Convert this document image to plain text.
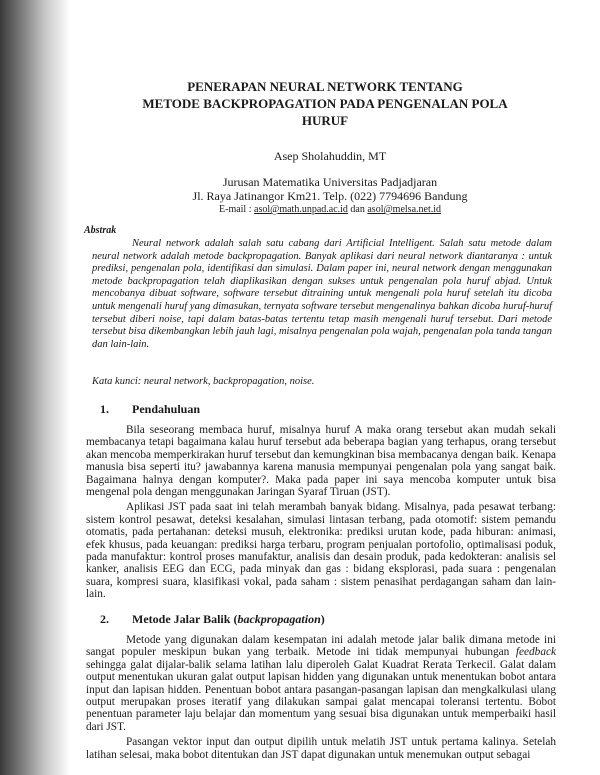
PENERAPAN NEURAL NETWORK TENTANG
METODE BACKPROPAGATION PADA PENGENALAN POLA
HURUF
Asep Sholahuddin, MT
Jurusan Matematika Universitas Padjadjaran
Jl. Raya Jatinangor Km21. Telp. (022) 7794696 Bandung
E-mail : asol@math.unpad.ac.id dan asol@melsa.net.id
Abstrak

Neural network adalah salah satu cabang dari Artificial Intelligent. Salah satu metode dalam neural network adalah metode backpropagation. Banyak aplikasi dari neural network diantaranya : untuk prediksi, pengenalan pola, identifikasi dan simulasi. Dalam paper ini, neural network dengan menggunakan metode backpropagation telah diaplikasikan dengan sukses untuk pengenalan pola huruf abjad. Untuk mencobanya dibuat software, software tersebut ditraining untuk mengenali pola huruf setelah itu dicoba untuk mengenali huruf yang dimasukan, ternyata software tersebut mengenalinya bahkan dicoba huruf-huruf tersebut diberi noise, tapi dalam batas-batas tertentu tetap masih mengenali huruf tersebut. Dari metode tersebut bisa dikembangkan lebih jauh lagi, misalnya pengenalan pola wajah, pengenalan pola tanda tangan dan lain-lain.

Kata kunci: neural network, backpropagation, noise.
1. Pendahuluan

Bila seseorang membaca huruf, misalnya huruf A maka orang tersebut akan mudah sekali membacanya tetapi bagaimana kalau huruf tersebut ada beberapa bagian yang terhapus, orang tersebut akan mencoba memperkirakan huruf tersebut dan kemungkinan bisa membacanya dengan baik. Kenapa manusia bisa seperti itu? jawabannya karena manusia mempunyai pengenalan pola yang sangat baik. Bagaimana halnya dengan komputer?. Maka pada paper ini saya mencoba komputer untuk bisa mengenal pola dengan menggunakan Jaringan Syaraf Tiruan (JST).

Aplikasi JST pada saat ini telah merambah banyak bidang. Misalnya, pada pesawat terbang: sistem kontrol pesawat, deteksi kesalahan, simulasi lintasan terbang, pada otomotif: sistem pemandu otomatis, pada pertahanan: deteksi musuh, elektronika: prediksi urutan kode, pada hiburan: animasi, efek khusus, pada keuangan: prediksi harga terbaru, program penjualan portofolio, optimalisasi poduk, pada manufaktur: kontrol proses manufaktur, analisis dan desain produk, pada kedokteran: analisis sel kanker, analisis EEG dan ECG, pada minyak dan gas : bidang eksplorasi, pada suara : pengenalan suara, kompresi suara, klasifikasi vokal, pada saham : sistem penasihat perdagangan saham dan lain-lain.

2. Metode Jalar Balik (backpropagation)

Metode yang digunakan dalam kesempatan ini adalah metode jalar balik dimana metode ini sangat populer meskipun bukan yang terbaik. Metode ini tidak mempunyai hubungan feedback sehingga galat dijalar-balik selama latihan lalu diperoleh Galat Kuadrat Rerata Terkecil. Galat dalam output menentukan ukuran galat output lapisan hidden yang digunakan untuk menentukan bobot antara input dan lapisan hidden. Penentuan bobot antara pasangan-pasangan lapisan dan mengkalkulasi ulang output merupakan proses iteratif yang dilakukan sampai galat mencapai toleransi tertentu. Bobot penentuan parameter laju belajar dan momentum yang sesuai bisa digunakan untuk memperbaiki hasil dari JST.

Pasangan vektor input dan output dipilih untuk melatih JST untuk pertama kalinya. Setelah latihan selesai, maka bobot ditentukan dan JST dapat digunakan untuk menemukan output sebagai
